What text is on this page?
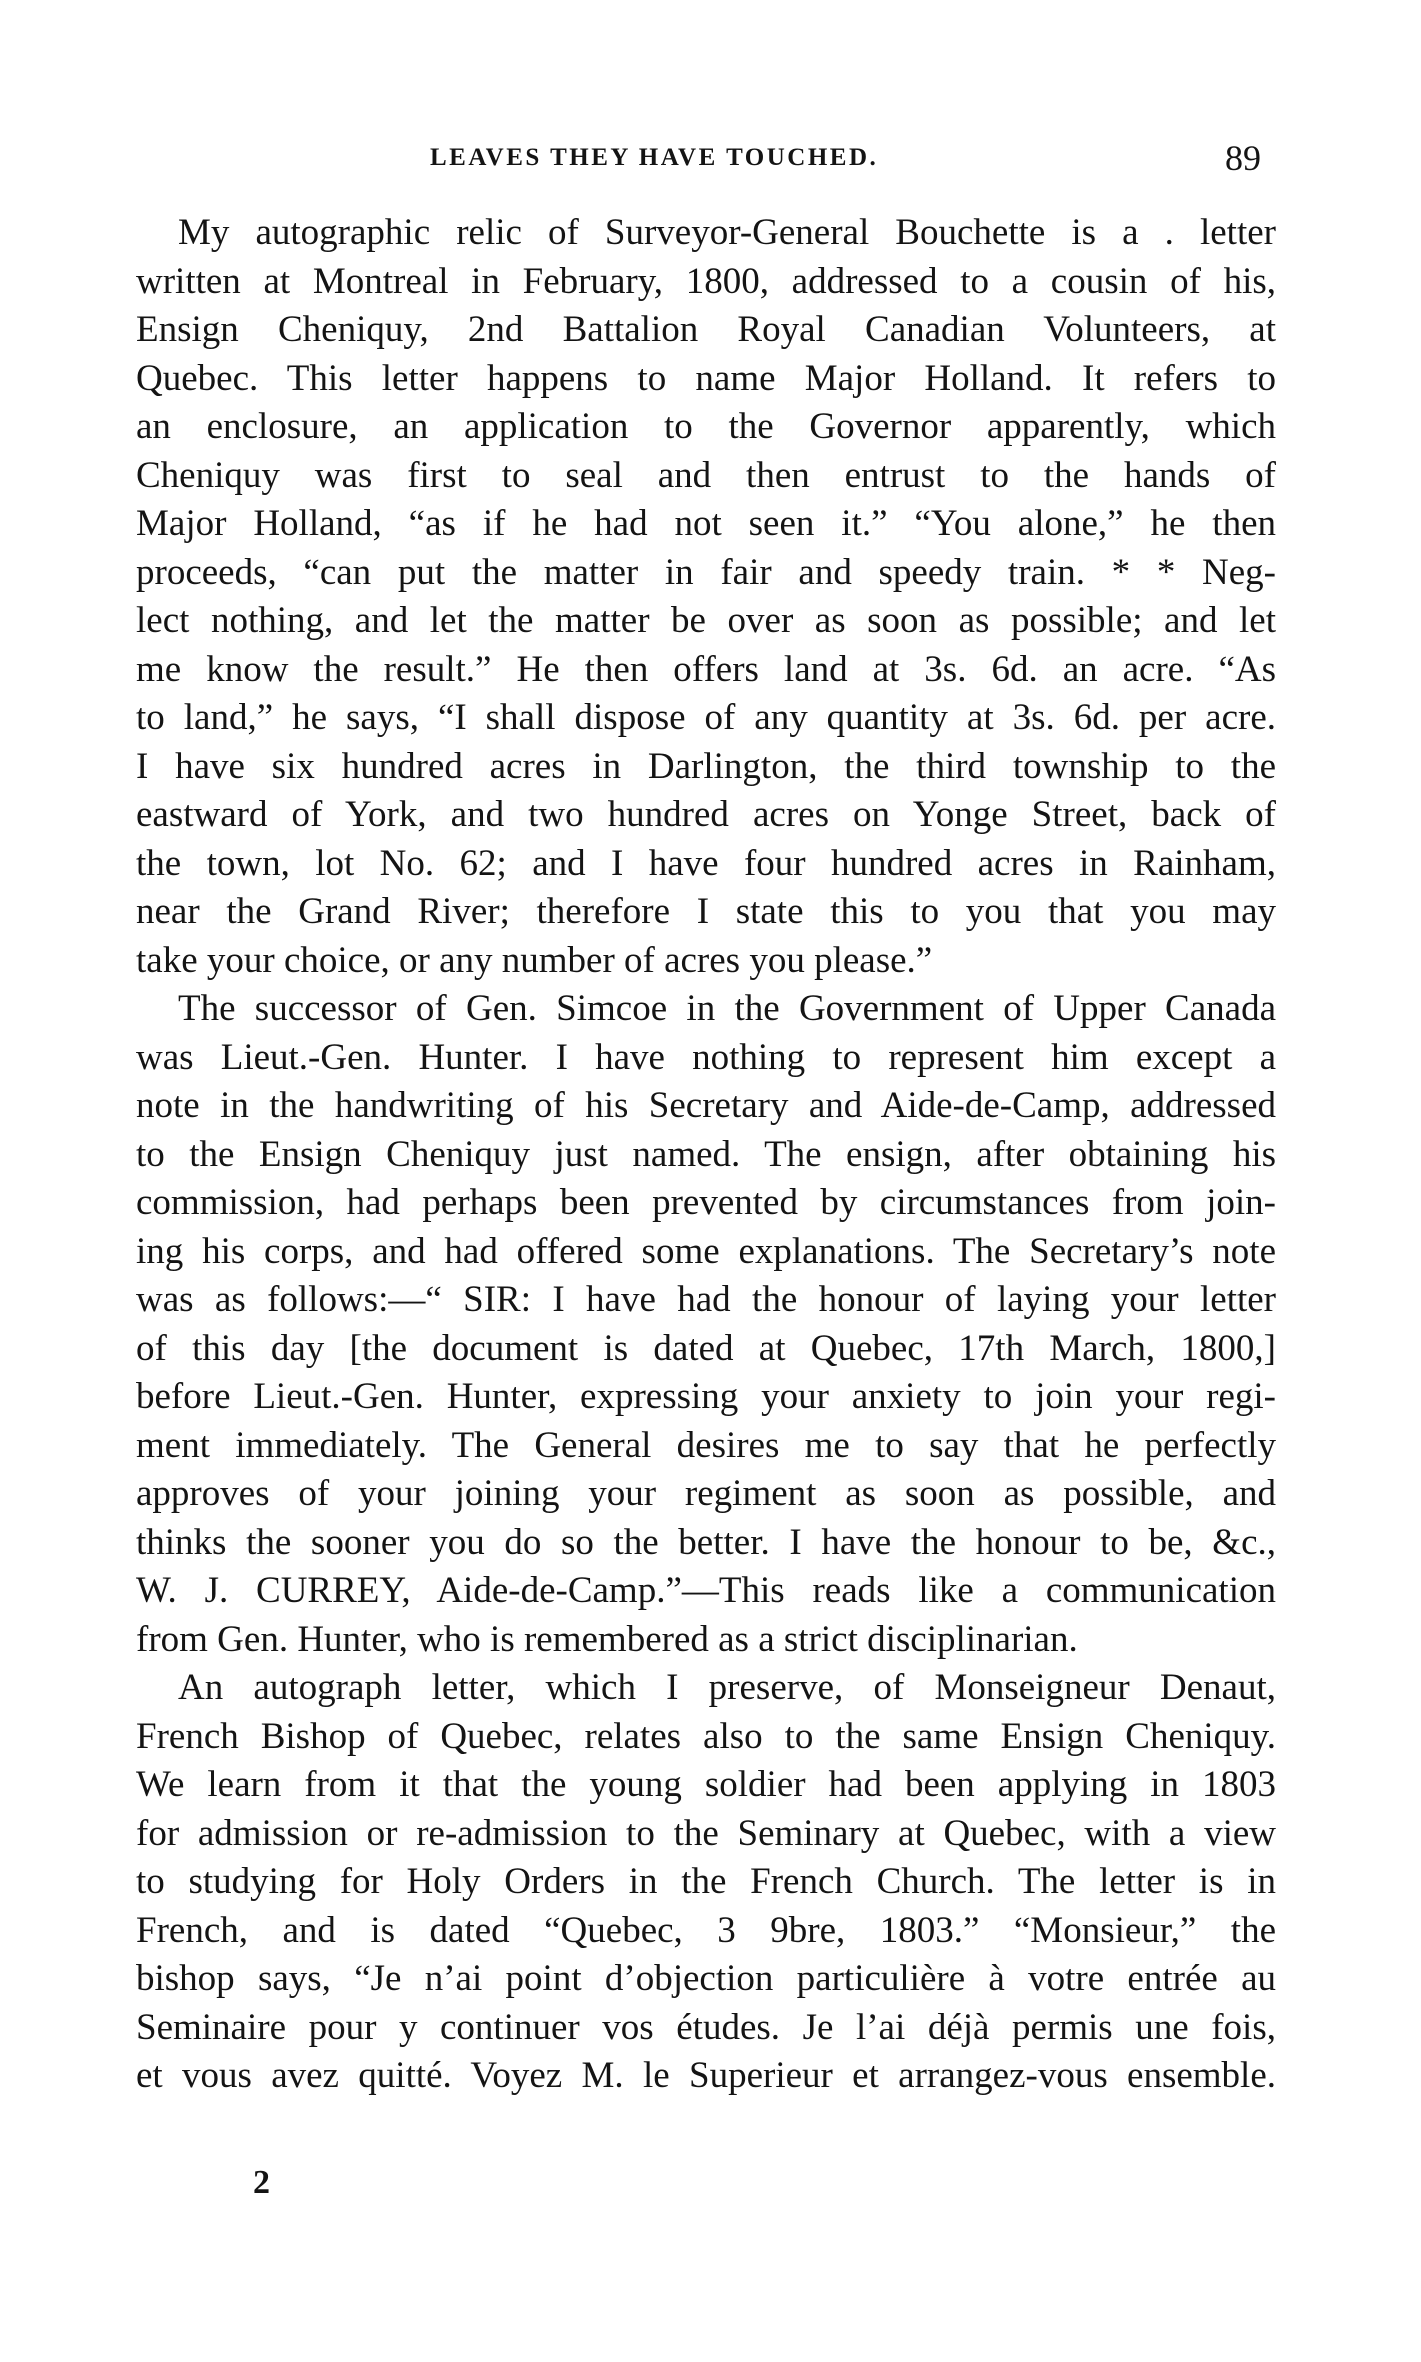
LEAVES THEY HAVE TOUCHED.	89
My autographic relic of Surveyor-General Bouchette is a . letter
written at Montreal in February, 1800, addressed to a cousin of his,
Ensign Cheniquy, 2nd Battalion Royal Canadian Volunteers, at
Quebec. This letter happens to name Major Holland. It refers to
an enclosure, an application to the Governor apparently, which
Cheniquy was first to seal and then entrust to the hands of
Major Holland, “as if he had not seen it.” “You alone,” he then
proceeds, “can put the matter in fair and speedy train. * * Neg-
lect nothing, and let the matter be over as soon as possible; and let
me know the result.” He then offers land at 3s. 6d. an acre. “As
to land,” he says, “I shall dispose of any quantity at 3s. 6d. per acre.
I have six hundred acres in Darlington, the third township to the
eastward of York, and two hundred acres on Yonge Street, back of
the town, lot No. 62; and I have four hundred acres in Rainham,
near the Grand River; therefore I state this to you that you may
take your choice, or any number of acres you please.”
The successor of Gen. Simcoe in the Government of Upper Canada
was Lieut.-Gen. Hunter. I have nothing to represent him except a
note in the handwriting of his Secretary and Aide-de-Camp, addressed
to the Ensign Cheniquy just named. The ensign, after obtaining his
commission, had perhaps been prevented by circumstances from join-
ing his corps, and had offered some explanations. The Secretary’s note
was as follows:—“ SIR: I have had the honour of laying your letter
of this day [the document is dated at Quebec, 17th March, 1800,]
before Lieut.-Gen. Hunter, expressing your anxiety to join your regi-
ment immediately. The General desires me to say that he perfectly
approves of your joining your regiment as soon as possible, and
thinks the sooner you do so the better. I have the honour to be, &c.,
W. J. CURREY, Aide-de-Camp.”—This reads like a communication
from Gen. Hunter, who is remembered as a strict disciplinarian.
An autograph letter, which I preserve, of Monseigneur Denaut,
French Bishop of Quebec, relates also to the same Ensign Cheniquy.
We learn from it that the young soldier had been applying in 1803
for admission or re-admission to the Seminary at Quebec, with a view
to studying for Holy Orders in the French Church. The letter is in
French, and is dated “Quebec, 3 9bre, 1803.” “Monsieur,” the
bishop says, “Je n’ai point d’objection particulière à votre entrée au
Seminaire pour y continuer vos études. Je l’ai déjà permis une fois,
et vous avez quitté. Voyez M. le Superieur et arrangez-vous ensemble.
2
